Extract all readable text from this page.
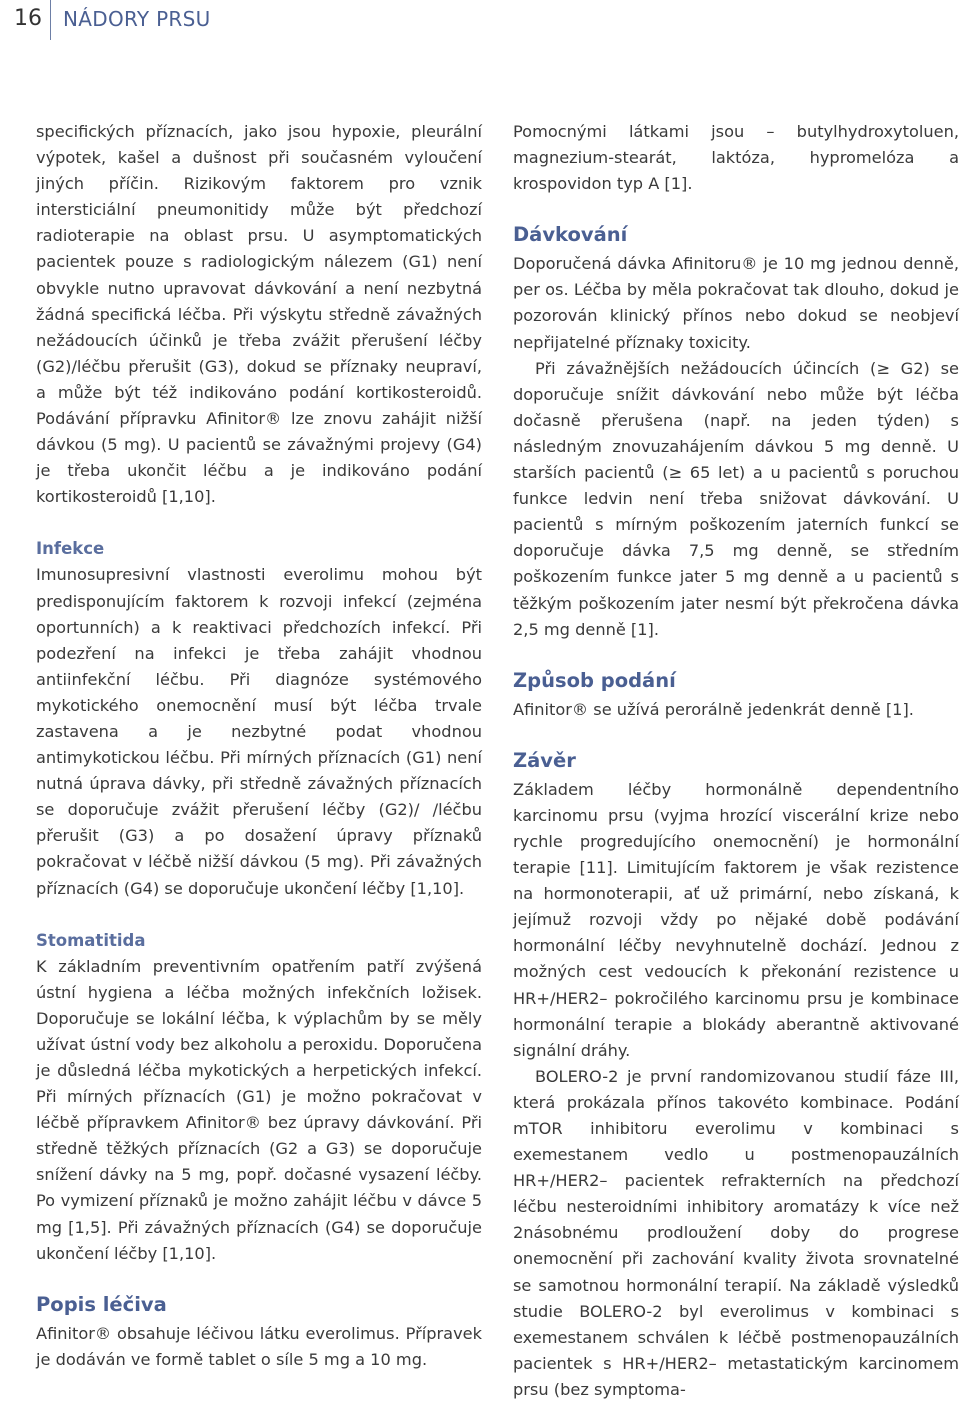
16 NÁDORY PRSU

specifických příznacích, jako jsou hypoxie, pleurální výpotek, kašel a dušnost při současném vyloučení jiných příčin. Rizikovým faktorem pro vznik intersticiální pneumonitidy může být předchozí radioterapie na oblast prsu. U asymptomatických pacientek pouze s radiologickým nálezem (G1) není obvykle nutno upravovat dávkování a není nezbytná žádná specifická léčba. Při výskytu středně závažných nežádoucích účinků je třeba zvážit přerušení léčby (G2)/léčbu přerušit (G3), dokud se příznaky neupraví, a může být též indikováno podání kortikosteroidů. Podávání přípravku Afinitor® lze znovu zahájit nižší dávkou (5 mg). U pacientů se závažnými projevy (G4) je třeba ukončit léčbu a je indikováno podání kortikosteroidů [1,10].

Infekce

Imunosupresivní vlastnosti everolimu mohou být predisponujícím faktorem k rozvoji infekcí (zejména oportunních) a k reaktivaci předchozích infekcí. Při podezření na infekci je třeba zahájit vhodnou antiinfekční léčbu. Při diagnóze systémového mykotického onemocnění musí být léčba trvale zastavena a je nezbytné podat vhodnou antimykotickou léčbu. Při mírných příznacích (G1) není nutná úprava dávky, při středně závažných příznacích se doporučuje zvážit přerušení léčby (G2)/ /léčbu přerušit (G3) a po dosažení úpravy příznaků pokračovat v léčbě nižší dávkou (5 mg). Při závažných příznacích (G4) se doporučuje ukončení léčby [1,10].

Stomatitida

K základním preventivním opatřením patří zvýšená ústní hygiena a léčba možných infekčních ložisek. Doporučuje se lokální léčba, k výplachům by se měly užívat ústní vody bez alkoholu a peroxidu. Doporučena je důsledná léčba mykotických a herpetických infekcí. Při mírných příznacích (G1) je možno pokračovat v léčbě přípravkem Afinitor® bez úpravy dávkování. Při středně těžkých příznacích (G2 a G3) se doporučuje snížení dávky na 5 mg, popř. dočasné vysazení léčby. Po vymizení příznaků je možno zahájit léčbu v dávce 5 mg [1,5]. Při závažných příznacích (G4) se doporučuje ukončení léčby [1,10].

Popis léčiva

Afinitor® obsahuje léčivou látku everolimus. Přípravek je dodáván ve formě tablet o síle 5 mg a 10 mg.

Pomocnými látkami jsou – butylhydroxytoluen, magnezium-stearát, laktóza, hypromelóza a krospovidon typ A [1].

Dávkování

Doporučená dávka Afinitoru® je 10 mg jednou denně, per os. Léčba by měla pokračovat tak dlouho, dokud je pozorován klinický přínos nebo dokud se neobjeví nepřijatelné příznaky toxicity.

Při závažnějších nežádoucích účincích (≥ G2) se doporučuje snížit dávkování nebo může být léčba dočasně přerušena (např. na jeden týden) s následným znovuzahájením dávkou 5 mg denně. U starších pacientů (≥ 65 let) a u pacientů s poruchou funkce ledvin není třeba snižovat dávkování. U pacientů s mírným poškozením jaterních funkcí se doporučuje dávka 7,5 mg denně, se středním poškozením funkce jater 5 mg denně a u pacientů s těžkým poškozením jater nesmí být překročena dávka 2,5 mg denně [1].

Způsob podání

Afinitor® se užívá perorálně jedenkrát denně [1].

Závěr

Základem léčby hormonálně dependentního karcinomu prsu (vyjma hrozící viscerální krize nebo rychle progredujícího onemocnění) je hormonální terapie [11]. Limitujícím faktorem je však rezistence na hormonoterapii, ať už primární, nebo získaná, k jejímuž rozvoji vždy po nějaké době podávání hormonální léčby nevyhnutelně dochází. Jednou z možných cest vedoucích k překonání rezistence u HR+/HER2– pokročilého karcinomu prsu je kombinace hormonální terapie a blokády aberantně aktivované signální dráhy.

BOLERO-2 je první randomizovanou studií fáze III, která prokázala přínos takovéto kombinace. Podání mTOR inhibitoru everolimu v kombinaci s exemestanem vedlo u postmenopauzálních HR+/HER2– pacientek refrakterních na předchozí léčbu nesteroidními inhibitory aromatázy k více než 2násobnému prodloužení doby do progrese onemocnění při zachování kvality života srovnatelné se samotnou hormonální terapií. Na základě výsledků studie BOLERO-2 byl everolimus v kombinaci s exemestanem schválen k léčbě postmenopauzálních pacientek s HR+/HER2– metastatickým karcinomem prsu (bez symptoma-
